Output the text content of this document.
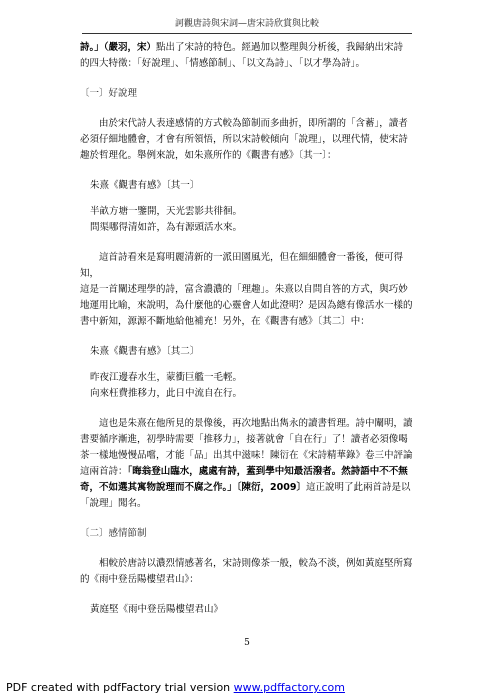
訶觀唐詩與宋詞—唐宋詩欣賞與比較

詩。」（嚴羽，宋）點出了宋詩的特色。經過加以整理與分析後，我歸納出宋詩
的四大特徵：「好說理」、「情感節制」、「以文為詩」、「以才學為詩」。

〔一〕好說理

由於宋代詩人表達感情的方式較為節制而多曲折，即所謂的「含蓄」，讀者
必須仔細地體會，才會有所領悟，所以宋詩較傾向「說理」，以理代情，使宋詩
趣於哲理化。舉例來說，如朱熹所作的《觀書有感》〔其一〕：

朱熹《觀書有感》〔其一〕

半畝方塘一鑒開，天光雲影共徘徊。
問渠哪得清如許，為有源頭活水來。

這首詩看來是寫明麗清新的一派田園風光，但在細細體會一番後，便可得知，
這是一首闡述理學的詩，富含濃濃的「理趣」。朱熹以自問自答的方式，與巧妙
地運用比喻，來說明，為什麼他的心靈會人如此澄明？是因為總有像活水一樣的
書中新知，源源不斷地給他補充！另外，在《觀書有感》〔其二〕中：

朱熹《觀書有感》〔其二〕

昨夜江邊春水生，蒙衝巨艦一毛輕。
向來枉費推移力，此日中流自在行。

這也是朱熹在他所見的景像後，再次地點出雋永的讀書哲理。詩中闡明，讀
書要循序漸進，初學時需要「推移力」，接著就會「自在行」了！讀者必須像喝
茶一樣地慢慢品嚐，才能「品」出其中滋味！陳衍在《宋詩精華錄》卷三中評論
這兩首詩：「晦翁登山臨水，處處有詩，蓋到學中知最活潑者。然詩語中不不無
奇，不如選其寓物說理而不腐之作。」〔陳衍，2009〕這正說明了此兩首詩是以
「說理」聞名。

〔二〕感情節制

相較於唐詩以濃烈情感著名，宋詩則像茶一般，較為不淡，例如黃庭堅所寫
的《雨中登岳陽樓望君山》：

黃庭堅《雨中登岳陽樓望君山》

5
PDF created with pdfFactory trial version www.pdffactory.com
